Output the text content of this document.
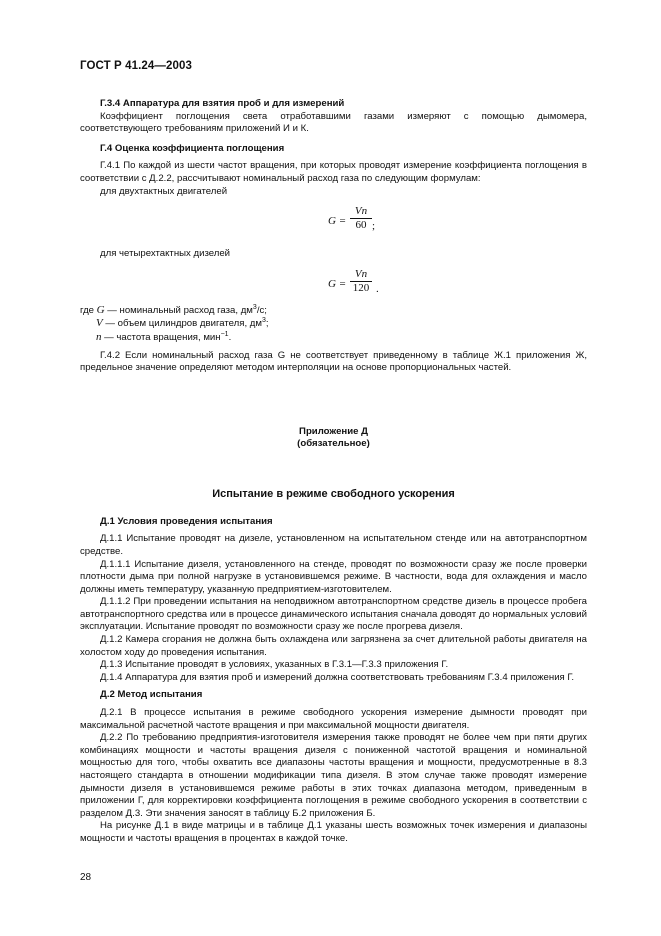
ГОСТ Р 41.24—2003
Г.3.4 Аппаратура для взятия проб и для измерений

Коэффициент поглощения света отработавшими газами измеряют с помощью дымомера, соответствующего требованиям приложений И и К.

Г.4 Оценка коэффициента поглощения

Г.4.1 По каждой из шести частот вращения, при которых проводят измерение коэффициента поглощения в соответствии с Д.2.2, рассчитывают номинальный расход газа по следующим формулам:

для двухтактных двигателей

$G = \frac{Vn}{60}$ ;

для четырехтактных дизелей

$G = \frac{Vn}{120}$ .

где G — номинальный расход газа, $дм^3/с$;

V — объем цилиндров двигателя, $дм^3$;

n — частота вращения, мин$^{-1}$.

Г.4.2 Если номинальный расход газа G не соответствует приведенному в таблице Ж.1 приложения Ж, предельное значение определяют методом интерполяции на основе пропорциональных частей.

Приложение Д
(обязательное)
Испытание в режиме свободного ускорения
Д.1 Условия проведения испытания

Д.1.1 Испытание проводят на дизеле, установленном на испытательном стенде или на автотранспортном средстве.

Д.1.1.1 Испытание дизеля, установленного на стенде, проводят по возможности сразу же после проверки плотности дыма при полной нагрузке в установившемся режиме. В частности, вода для охлаждения и масло должны иметь температуру, указанную предприятием-изготовителем.

Д.1.1.2 При проведении испытания на неподвижном автотранспортном средстве дизель в процессе пробега автотранспортного средства или в процессе динамического испытания сначала доводят до нормальных условий эксплуатации. Испытание проводят по возможности сразу же после прогрева дизеля.

Д.1.2 Камера сгорания не должна быть охлаждена или загрязнена за счет длительной работы двигателя на холостом ходу до проведения испытания.

Д.1.3 Испытание проводят в условиях, указанных в Г.3.1—Г.3.3 приложения Г.

Д.1.4 Аппаратура для взятия проб и измерений должна соответствовать требованиям Г.3.4 приложения Г.

Д.2 Метод испытания

Д.2.1 В процессе испытания в режиме свободного ускорения измерение дымности проводят при максимальной расчетной частоте вращения и при максимальной мощности двигателя.

Д.2.2 По требованию предприятия-изготовителя измерения также проводят не более чем при пяти других комбинациях мощности и частоты вращения дизеля с пониженной частотой вращения и номинальной мощностью для того, чтобы охватить все диапазоны частоты вращения и мощности, предусмотренные в 8.3 настоящего стандарта в отношении модификации типа дизеля. В этом случае также проводят измерение дымности дизеля в установившемся режиме работы в этих точках диапазона методом, приведенным в приложении Г, для корректировки коэффициента поглощения в режиме свободного ускорения в соответствии с разделом Д.3. Эти значения заносят в таблицу Б.2 приложения Б.

На рисунке Д.1 в виде матрицы и в таблице Д.1 указаны шесть возможных точек измерения и диапазоны мощности и частоты вращения в процентах в каждой точке.

28
